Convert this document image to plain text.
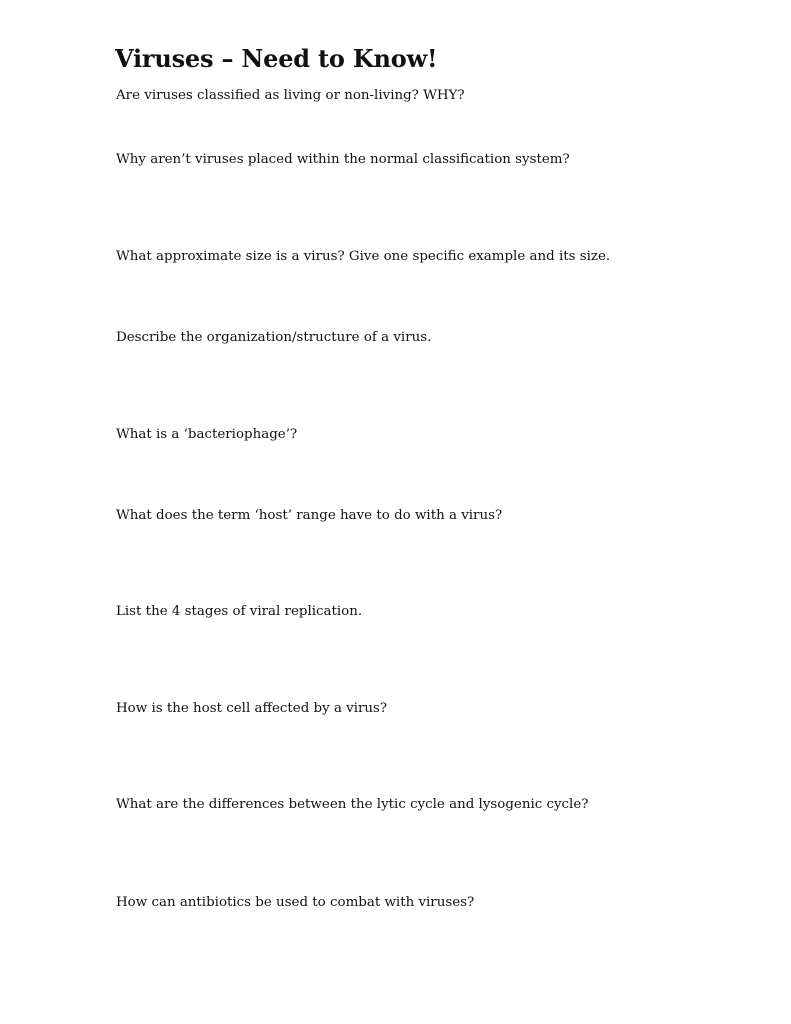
Viruses – Need to Know!

Are viruses classified as living or non-living? WHY?

Why aren’t viruses placed within the normal classification system?

What approximate size is a virus? Give one specific example and its size.

Describe the organization/structure of a virus.

What is a ‘bacteriophage’?

What does the term ‘host’ range have to do with a virus?

List the 4 stages of viral replication.

How is the host cell affected by a virus?

What are the differences between the lytic cycle and lysogenic cycle?

How can antibiotics be used to combat with viruses?
